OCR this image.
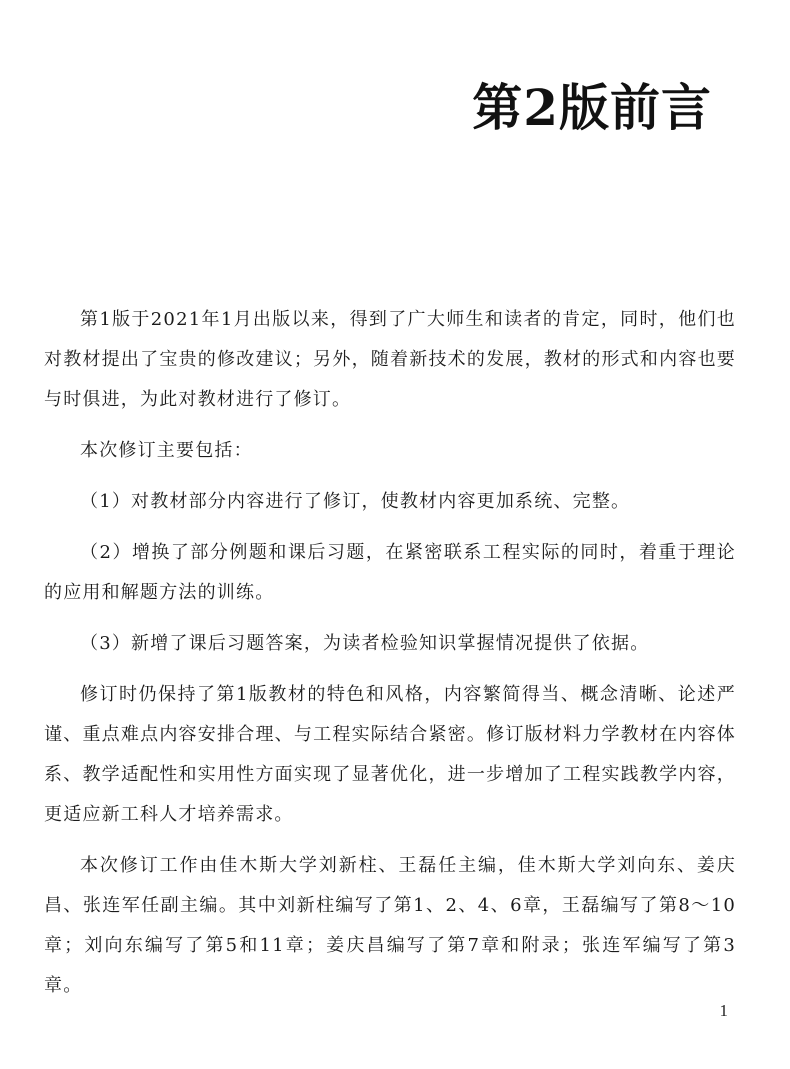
第2版前言

第1版于2021年1月出版以来，得到了广大师生和读者的肯定，同时，他们也对教材提出了宝贵的修改建议；另外，随着新技术的发展，教材的形式和内容也要与时俱进，为此对教材进行了修订。

本次修订主要包括：

（1）对教材部分内容进行了修订，使教材内容更加系统、完整。

（2）增换了部分例题和课后习题，在紧密联系工程实际的同时，着重于理论的应用和解题方法的训练。

（3）新增了课后习题答案，为读者检验知识掌握情况提供了依据。

修订时仍保持了第1版教材的特色和风格，内容繁简得当、概念清晰、论述严谨、重点难点内容安排合理、与工程实际结合紧密。修订版材料力学教材在内容体系、教学适配性和实用性方面实现了显著优化，进一步增加了工程实践教学内容，更适应新工科人才培养需求。

本次修订工作由佳木斯大学刘新柱、王磊任主编，佳木斯大学刘向东、姜庆昌、张连军任副主编。其中刘新柱编写了第1、2、4、6章，王磊编写了第8～10章；刘向东编写了第5和11章；姜庆昌编写了第7章和附录；张连军编写了第3章。

1
